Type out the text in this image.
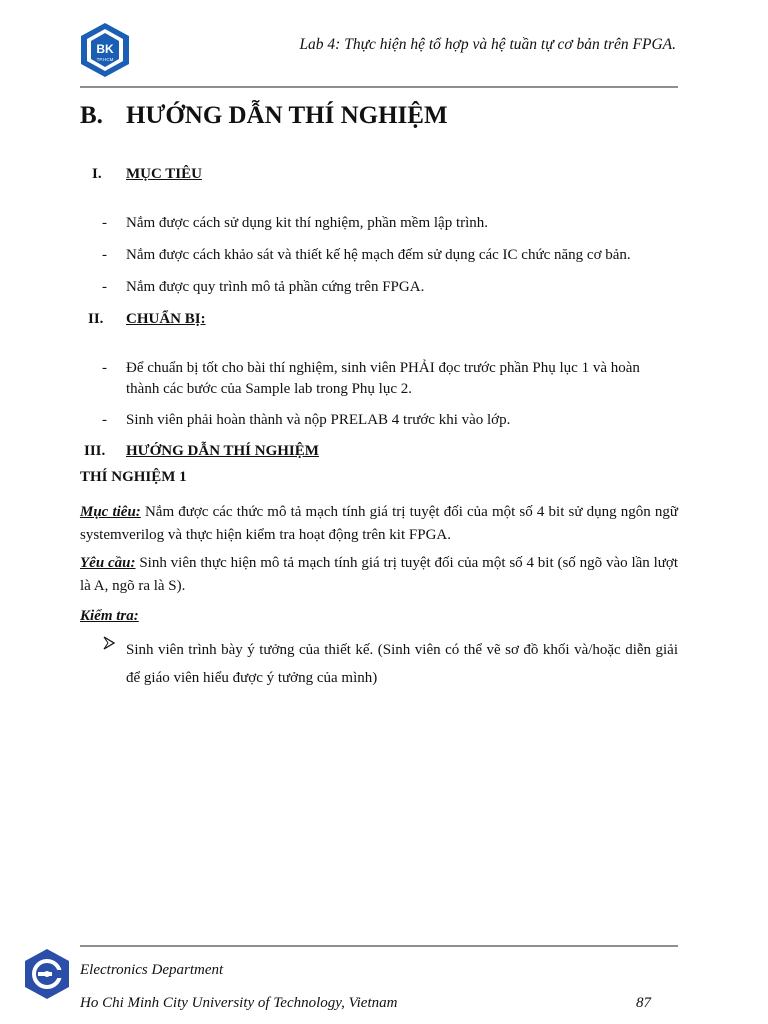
BK
TP.HCM
Lab 4: Thực hiện hệ tổ hợp và hệ tuần tự cơ bản trên FPGA.
B. HƯỚNG DẪN THÍ NGHIỆM
I. MỤC TIÊU
- Nắm được cách sử dụng kit thí nghiệm, phần mềm lập trình.
- Nắm được cách khảo sát và thiết kế hệ mạch đếm sử dụng các IC chức năng cơ bản.
- Nắm được quy trình mô tả phần cứng trên FPGA.
II. CHUẨN BỊ:
- Để chuẩn bị tốt cho bài thí nghiệm, sinh viên PHẢI đọc trước phần Phụ lục 1 và hoàn
thành các bước của Sample lab trong Phụ lục 2.
- Sinh viên phải hoàn thành và nộp PRELAB 4 trước khi vào lớp.
III. HƯỚNG DẪN THÍ NGHIỆM
THÍ NGHIỆM 1
Mục tiêu: Nắm được các thức mô tả mạch tính giá trị tuyệt đối của một số 4 bit sử dụng ngôn ngữ systemverilog và thực hiện kiểm tra hoạt động trên kit FPGA.
Yêu cầu: Sinh viên thực hiện mô tả mạch tính giá trị tuyệt đối của một số 4 bit (số ngõ vào lần lượt là A, ngõ ra là S).
Kiểm tra:
Sinh viên trình bày ý tưởng của thiết kế. (Sinh viên có thể vẽ sơ đồ khối và/hoặc diễn giải để giáo viên hiểu được ý tưởng của mình)
Electronics Department
Ho Chi Minh City University of Technology, Vietnam	87
